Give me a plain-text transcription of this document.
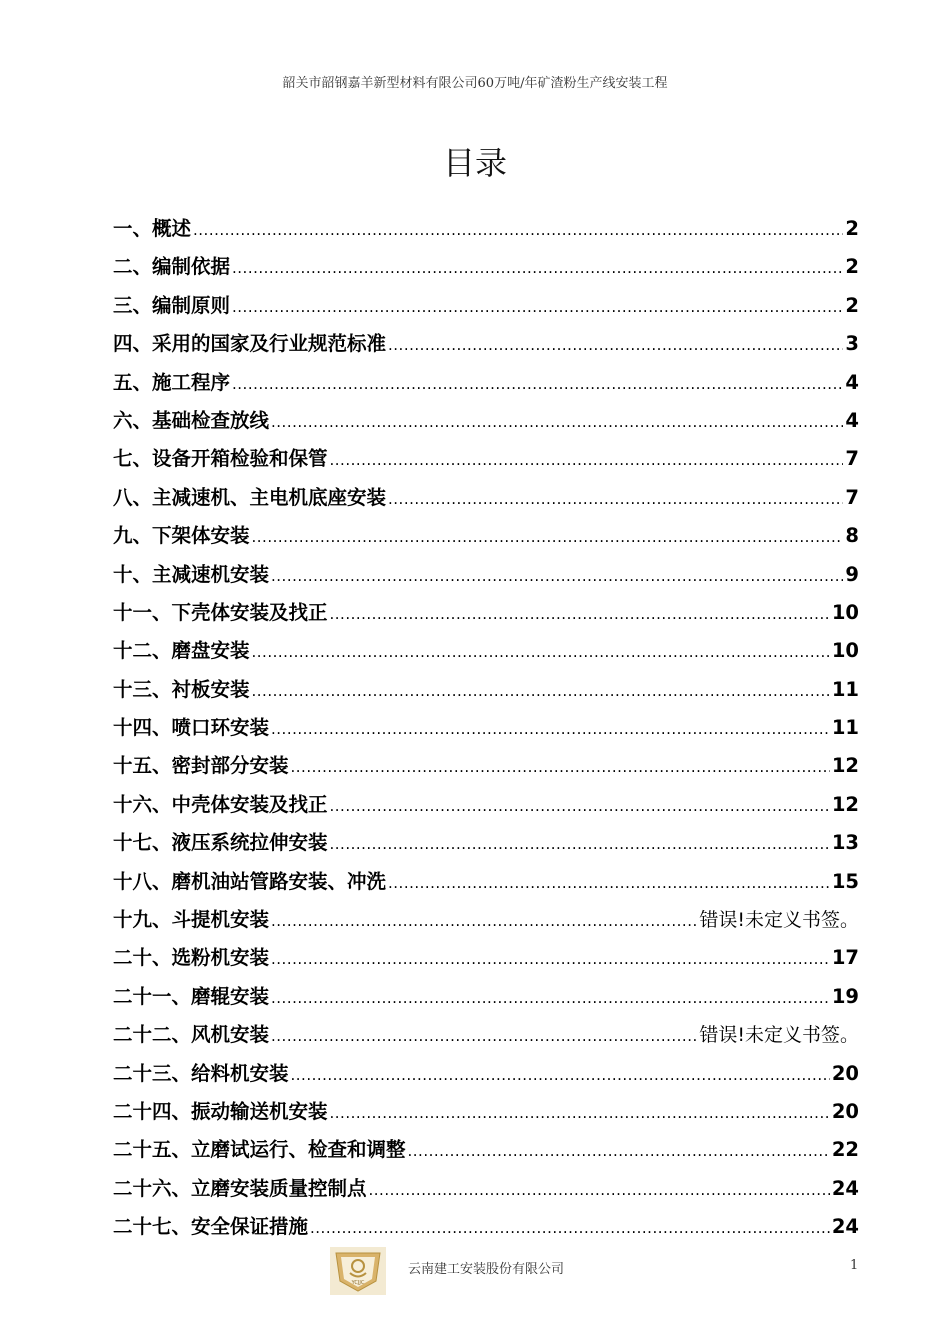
韶关市韶钢嘉羊新型材料有限公司60万吨/年矿渣粉生产线安装工程
目录
一、概述 .....	2
二、编制依据 .....	2
三、编制原则 .....	2
四、采用的国家及行业规范标准 .....	3
五、施工程序 .....	4
六、基础检查放线 .....	4
七、设备开箱检验和保管 .....	7
八、主减速机、主电机底座安装 .....	7
九、下架体安装 .....	8
十、主减速机安装 .....	9
十一、下壳体安装及找正 .....	10
十二、磨盘安装 .....	10
十三、衬板安装 .....	11
十四、喷口环安装 .....	11
十五、密封部分安装 .....	12
十六、中壳体安装及找正 .....	12
十七、液压系统拉伸安装 .....	13
十八、磨机油站管路安装、冲洗 .....	15
十九、斗提机安装 .....	错误!未定义书签。
二十、选粉机安装 .....	17
二十一、磨辊安装 .....	19
二十二、风机安装 .....	错误!未定义书签。
二十三、给料机安装 .....	20
二十四、振动输送机安装 .....	20
二十五、立磨试运行、检查和调整 .....	22
二十六、立磨安装质量控制点 .....	24
二十七、安全保证措施 .....	24
YCJJC
云南建工安装股份有限公司	1
